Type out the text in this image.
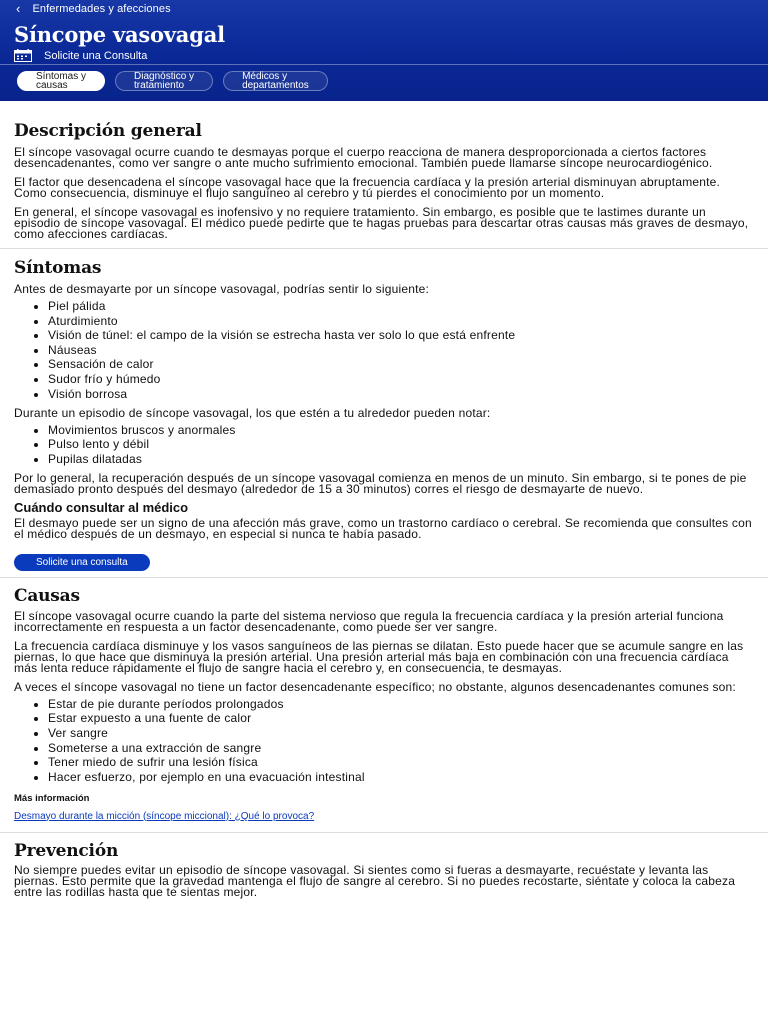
‹ Enfermedades y afecciones
Síncope vasovagal
Solicite una Consulta
Síntomas y
causas
Diagnóstico y
tratamiento
Médicos y
departamentos
Descripción general

El síncope vasovagal ocurre cuando te desmayas porque el cuerpo reacciona de manera desproporcionada a ciertos factores desencadenantes, como ver sangre o ante mucho sufrimiento emocional. También puede llamarse síncope neurocardiogénico.

El factor que desencadena el síncope vasovagal hace que la frecuencia cardíaca y la presión arterial disminuyan abruptamente. Como consecuencia, disminuye el flujo sanguíneo al cerebro y tú pierdes el conocimiento por un momento.

En general, el síncope vasovagal es inofensivo y no requiere tratamiento. Sin embargo, es posible que te lastimes durante un episodio de síncope vasovagal. El médico puede pedirte que te hagas pruebas para descartar otras causas más graves de desmayo, como afecciones cardíacas.

Síntomas

Antes de desmayarte por un síncope vasovagal, podrías sentir lo siguiente:

• Piel pálida
• Aturdimiento
• Visión de túnel: el campo de la visión se estrecha hasta ver solo lo que está enfrente
• Náuseas
• Sensación de calor
• Sudor frío y húmedo
• Visión borrosa

Durante un episodio de síncope vasovagal, los que estén a tu alrededor pueden notar:

• Movimientos bruscos y anormales
• Pulso lento y débil
• Pupilas dilatadas

Por lo general, la recuperación después de un síncope vasovagal comienza en menos de un minuto. Sin embargo, si te pones de pie demasiado pronto después del desmayo (alrededor de 15 a 30 minutos) corres el riesgo de desmayarte de nuevo.

Cuándo consultar al médico

El desmayo puede ser un signo de una afección más grave, como un trastorno cardíaco o cerebral. Se recomienda que consultes con el médico después de un desmayo, en especial si nunca te había pasado.

Solicite una consulta
Causas

El síncope vasovagal ocurre cuando la parte del sistema nervioso que regula la frecuencia cardíaca y la presión arterial funciona incorrectamente en respuesta a un factor desencadenante, como puede ser ver sangre.

La frecuencia cardíaca disminuye y los vasos sanguíneos de las piernas se dilatan. Esto puede hacer que se acumule sangre en las piernas, lo que hace que disminuya la presión arterial. Una presión arterial más baja en combinación con una frecuencia cardíaca más lenta reduce rápidamente el flujo de sangre hacia el cerebro y, en consecuencia, te desmayas.

A veces el síncope vasovagal no tiene un factor desencadenante específico; no obstante, algunos desencadenantes comunes son:

• Estar de pie durante períodos prolongados
• Estar expuesto a una fuente de calor
• Ver sangre
• Someterse a una extracción de sangre
• Tener miedo de sufrir una lesión física
• Hacer esfuerzo, por ejemplo en una evacuación intestinal
Más información
Desmayo durante la micción (síncope miccional): ¿Qué lo provoca?
Prevención

No siempre puedes evitar un episodio de síncope vasovagal. Si sientes como si fueras a desmayarte, recuéstate y levanta las piernas. Esto permite que la gravedad mantenga el flujo de sangre al cerebro. Si no puedes recostarte, siéntate y coloca la cabeza entre las rodillas hasta que te sientas mejor.
